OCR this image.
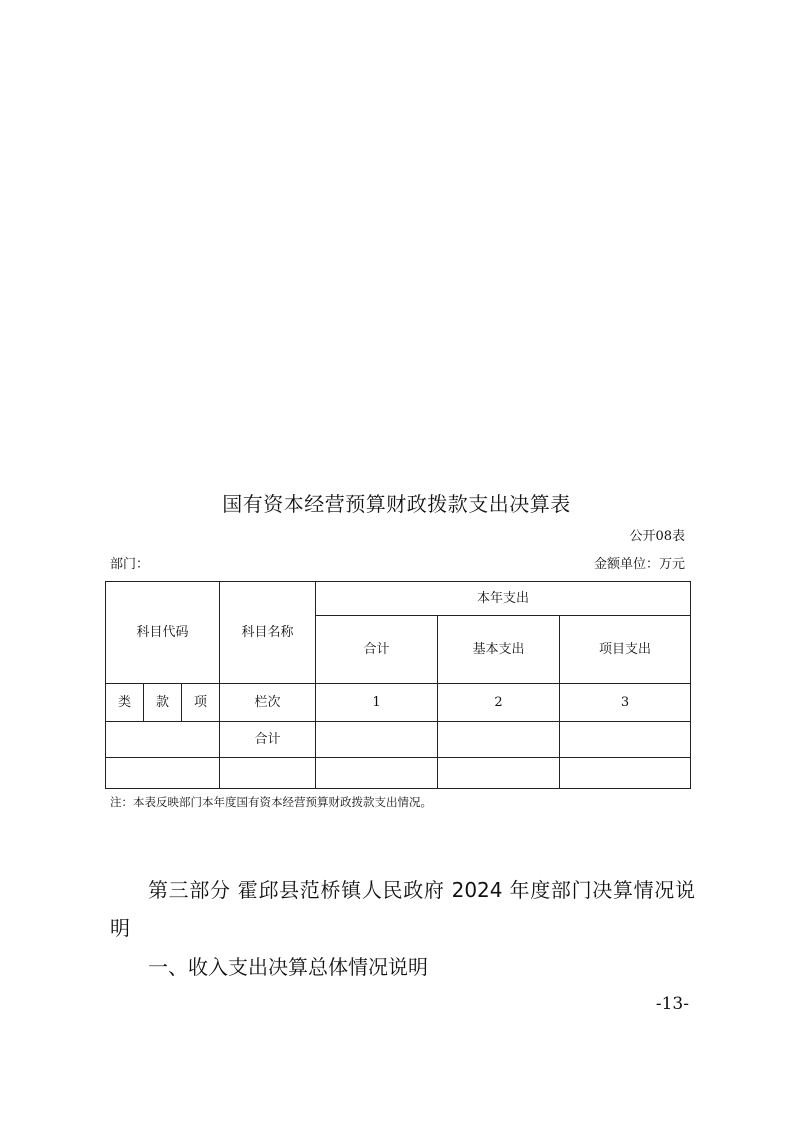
国有资本经营预算财政拨款支出决算表
公开08表
部门：	金额单位：万元
科目代码			科目名称	本年支出		
				合计	基本支出	项目支出
类	款	项	栏次	1	2	3
			合计			

注：本表反映部门本年度国有资本经营预算财政拨款支出情况。

第三部分 霍邱县范桥镇人民政府 2024 年度部门决算情况说明

一、收入支出决算总体情况说明

-13-
